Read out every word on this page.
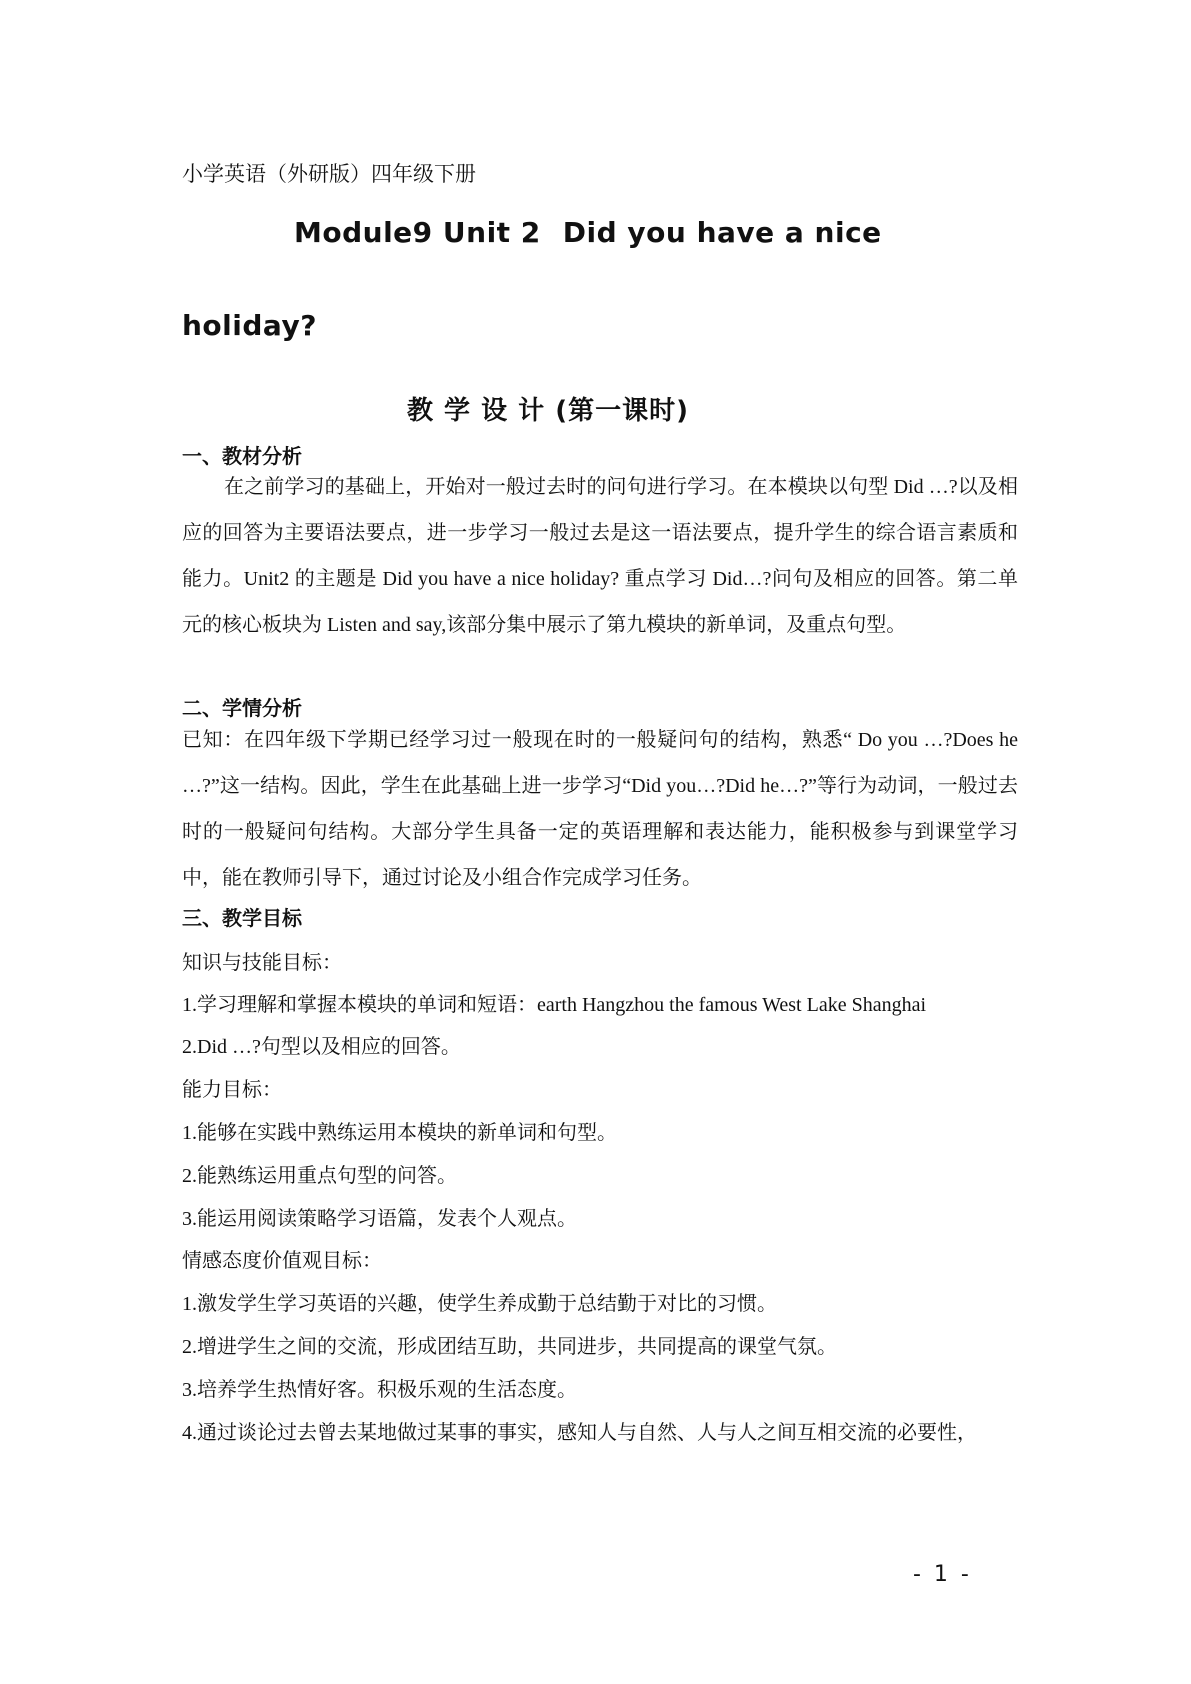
小学英语（外研版）四年级下册
Module9 Unit 2 Did you have a nice
holiday?
教 学 设 计 (第一课时)
一、教材分析
在之前学习的基础上，开始对一般过去时的问句进行学习。在本模块以句型 Did …?以及相应的回答为主要语法要点，进一步学习一般过去是这一语法要点，提升学生的综合语言素质和能力。Unit2 的主题是 Did you have a nice holiday? 重点学习 Did…?问句及相应的回答。第二单元的核心板块为 Listen and say,该部分集中展示了第九模块的新单词，及重点句型。
二、学情分析
已知：在四年级下学期已经学习过一般现在时的一般疑问句的结构，熟悉“ Do you …?Does he …?”这一结构。因此，学生在此基础上进一步学习“Did you…?Did he…?”等行为动词，一般过去时的一般疑问句结构。大部分学生具备一定的英语理解和表达能力，能积极参与到课堂学习中，能在教师引导下，通过讨论及小组合作完成学习任务。
三、教学目标
知识与技能目标：
1.学习理解和掌握本模块的单词和短语：earth Hangzhou the famous West Lake Shanghai
2.Did …?句型以及相应的回答。
能力目标：
1.能够在实践中熟练运用本模块的新单词和句型。
2.能熟练运用重点句型的问答。
3.能运用阅读策略学习语篇，发表个人观点。
情感态度价值观目标：
1.激发学生学习英语的兴趣，使学生养成勤于总结勤于对比的习惯。
2.增进学生之间的交流，形成团结互助，共同进步，共同提高的课堂气氛。
3.培养学生热情好客。积极乐观的生活态度。
4.通过谈论过去曾去某地做过某事的事实，感知人与自然、人与人之间互相交流的必要性，
- 1 -
